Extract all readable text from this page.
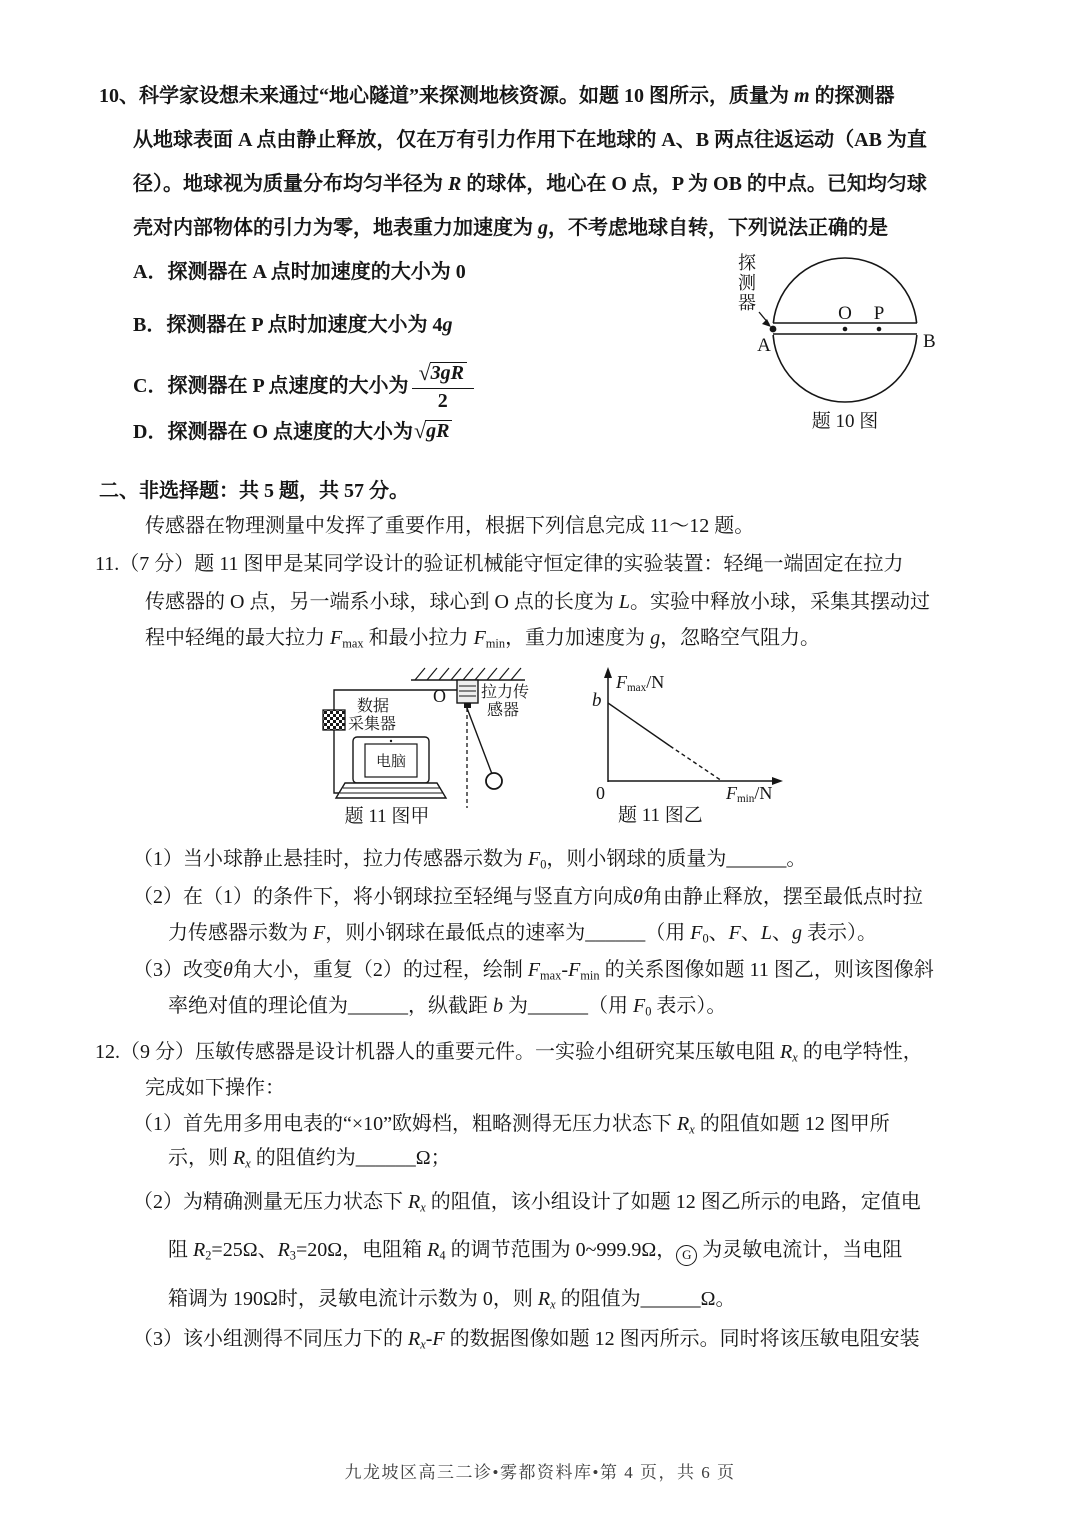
10、科学家设想未来通过“地心隧道”来探测地核资源。如题 10 图所示，质量为 m 的探测器
从地球表面 A 点由静止释放，仅在万有引力作用下在地球的 A、B 两点往返运动（AB 为直
径）。地球视为质量分布均匀半径为 R 的球体，地心在 O 点，P 为 OB 的中点。已知均匀球
壳对内部物体的引力为零，地表重力加速度为 g，不考虑地球自转，下列说法正确的是
A．探测器在 A 点时加速度的大小为 0
B．探测器在 P 点时加速度大小为 4g
C．探测器在 P 点速度的大小为 $\frac{√ 3gR}{2}$
D．探测器在 O 点速度的大小为 √ gR
O P
A	B
题 10 图
探测器
二、非选择题：共 5 题，共 57 分。
传感器在物理测量中发挥了重要作用，根据下列信息完成 11～12 题。
11.（7 分）题 11 图甲是某同学设计的验证机械能守恒定律的实验装置：轻绳一端固定在拉力
传感器的 O 点，另一端系小球，球心到 O 点的长度为 L。实验中释放小球，采集其摆动过
程中轻绳的最大拉力 $F_{max}$ 和最小拉力 $F_{min}$，重力加速度为 g，忽略空气阻力。
O 拉力传
感器
数据
采集器
电脑
题 11 图甲
$F_{max}/N$
b
0	$F_{min}/N$
题 11 图乙
（1）当小球静止悬挂时，拉力传感器示数为 $F_0$，则小钢球的质量为______。
（2）在（1）的条件下，将小钢球拉至轻绳与竖直方向成θ角由静止释放，摆至最低点时拉
力传感器示数为 F，则小钢球在最低点的速率为______（用 $F_0$、F、L、g 表示）。
（3）改变θ角大小，重复（2）的过程，绘制 $F_{max}-F_{min}$ 的关系图像如题 11 图乙，则该图像斜
率绝对值的理论值为______，纵截距 b 为______（用 $F_0$ 表示）。
12.（9 分）压敏传感器是设计机器人的重要元件。一实验小组研究某压敏电阻 $R_x$ 的电学特性，
完成如下操作：
（1）首先用多用电表的“×10”欧姆档，粗略测得无压力状态下 $R_x$ 的阻值如题 12 图甲所
示，则 $R_x$ 的阻值约为______Ω；
（2）为精确测量无压力状态下 $R_x$ 的阻值，该小组设计了如题 12 图乙所示的电路，定值电
阻 $R_2=25\Omega$、$R_3=20\Omega$，电阻箱 $R_4$ 的调节范围为 0~999.9Ω， G 为灵敏电流计，当电阻
箱调为 190Ω时，灵敏电流计示数为 0，则 $R_x$ 的阻值为______Ω。
（3）该小组测得不同压力下的 $R_x-F$ 的数据图像如题 12 图丙所示。同时将该压敏电阻安装
九龙坡区高三二诊•雾都资料库•第 4 页，共 6 页
